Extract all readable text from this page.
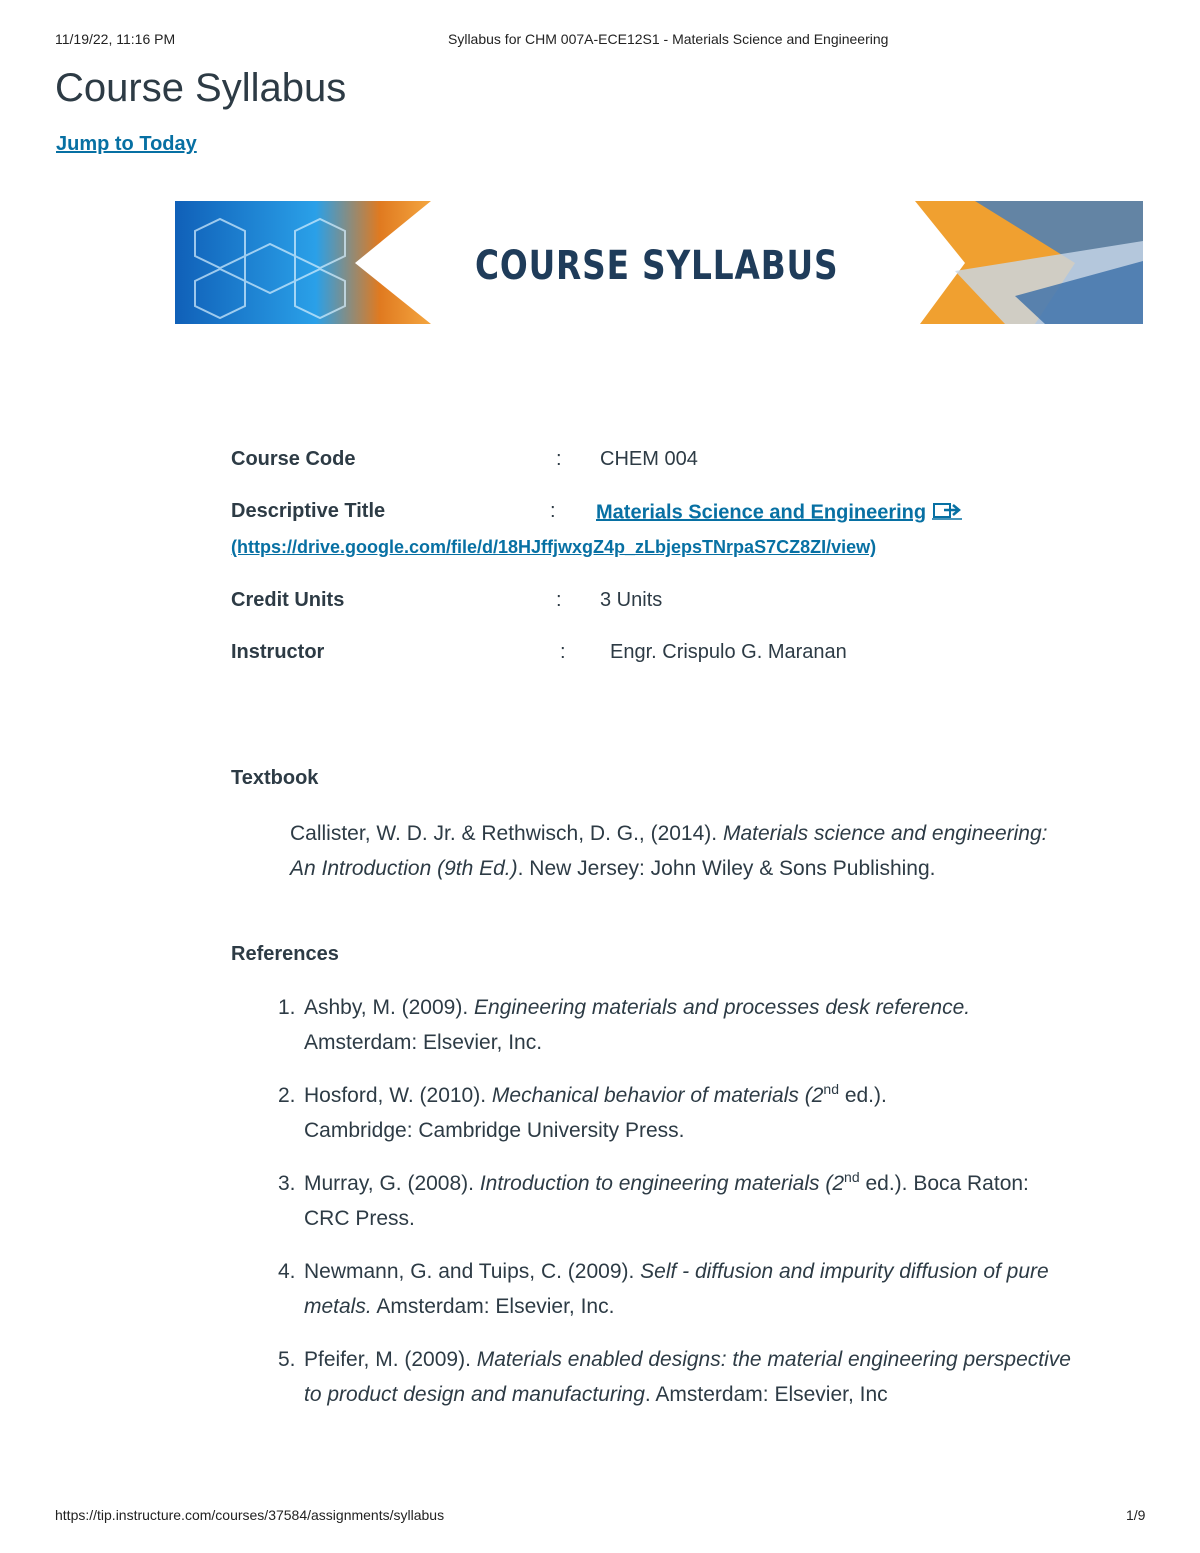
11/19/22, 11:16 PM	Syllabus for CHM 007A-ECE12S1 - Materials Science and Engineering
Course Syllabus
Jump to Today
COURSE SYLLABUS
Course Code	: CHEM 004
Descriptive Title	: Materials Science and Engineering
(https://drive.google.com/file/d/18HJffjwxgZ4p_zLbjepsTNrpaS7CZ8ZI/view)
Credit Units	: 3 Units
Instructor	: Engr. Crispulo G. Maranan
Textbook
Callister, W. D. Jr. & Rethwisch, D. G., (2014). Materials science and engineering: An Introduction (9th Ed.). New Jersey: John Wiley & Sons Publishing.
References
1. Ashby, M. (2009). Engineering materials and processes desk reference.
Amsterdam: Elsevier, Inc.
2. Hosford, W. (2010). Mechanical behavior of materials (2nd ed.).
Cambridge: Cambridge University Press.
3. Murray, G. (2008). Introduction to engineering materials (2nd ed.). Boca Raton: CRC Press.
4. Newmann, G. and Tuips, C. (2009). Self - diffusion and impurity diffusion of pure metals. Amsterdam: Elsevier, Inc.
5. Pfeifer, M. (2009). Materials enabled designs: the material engineering perspective to product design and manufacturing. Amsterdam: Elsevier, Inc
https://tip.instructure.com/courses/37584/assignments/syllabus	1/9
